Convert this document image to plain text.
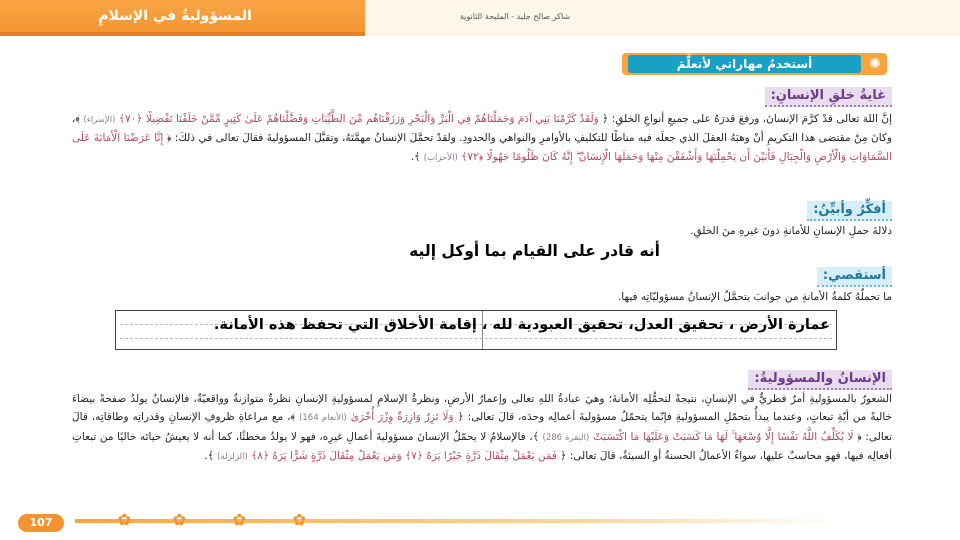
المسؤوليةُ في الإسلامِ	شاكر صالح جليد - المليحة الثانوية
أستخدمُ مهاراتي لأتعلَّمَ	✺
غايةُ خلقِ الإنسانِ:
إنَّ اللهَ تعالى قدْ كرَّمَ الإنسانَ، ورفعَ قدرَهُ على جميعِ أنواعِ الخلقِ: ﴿ وَلَقَدْ كَرَّمْنَا بَنِي آدَمَ وَحَمَلْنَاهُمْ فِي الْبَرِّ وَالْبَحْرِ وَرَزَقْنَاهُم مِّنَ الطَّيِّبَاتِ وَفَضَّلْنَاهُمْ عَلَىٰ كَثِيرٍ مِّمَّنْ خَلَقْنَا تَفْضِيلًا ﴿٧٠﴾ (الإسراء) ﴾، وكانَ مِنْ مقتضى هذا التكريمِ أنْ وهبَهُ العقلَ الذي جعلَه فيه مناطًا للتكليفِ بالأوامرِ والنواهي والحدودِ. ولقدْ تحمَّلَ الإنسانُ مهمَّتَهُ، وتقبَّلَ المسؤوليةَ فقالَ تعالى في ذلكَ: ﴿ إِنَّا عَرَضْنَا الْأَمَانَةَ عَلَى السَّمَاوَاتِ وَالْأَرْضِ وَالْجِبَالِ فَأَبَيْنَ أَن يَحْمِلْنَهَا وَأَشْفَقْنَ مِنْهَا وَحَمَلَهَا الْإِنسَانُ ۖ إِنَّهُ كَانَ ظَلُومًا جَهُولًا ﴿٧٢﴾ (الأحزاب) ﴾.
أفكِّرُ وأبيِّنُ:
دلالةَ حملِ الإنسانِ للأمانةِ دونَ غيرهِ منَ الخلقِ.
أنه قادر على القيام بما أوكل إليه
أستقصي:
ما تحملُهُ كلمةُ الأمانةِ من جوانبَ يتحمَّلُ الإنسانُ مسؤوليّاتِه فيها.
عمارة الأرض ، تحقيق العدل، تحقيق العبودية لله ، إقامة الأخلاق التي تحفظ هذه الأمانة.
الإنسانُ والمسؤوليةُ:
الشعورُ بالمسؤوليةِ أمرٌ فطريٌّ في الإنسانِ، نتيجةً لتحمُّلِه الأمانةَ؛ وهيَ عبادةُ اللهِ تعالى وإعمارُ الأرضِ، ونظرةُ الإسلامِ لمسؤوليةِ الإنسانِ نظرةٌ متوازنةٌ وواقعيّةٌ، فالإنسانُ يولدُ صفحةً بيضاءَ خاليةً من أيّةِ تبعاتٍ، وعندما يبدأُ بتحمّلِ المسؤوليةِ فإنّما يتحمّلُ مسؤوليةَ أعمالِه وحدَه، قالَ تعالى: ﴿ وَلَا تَزِرُ وَازِرَةٌ وِزْرَ أُخْرَىٰ (الأنعام 164) ﴾، مع مراعاةِ ظروفِ الإنسانِ وقدراتِه وطاقاتِه، قالَ تعالى: ﴿ لَا يُكَلِّفُ اللَّهُ نَفْسًا إِلَّا وُسْعَهَا ۚ لَهَا مَا كَسَبَتْ وَعَلَيْهَا مَا اكْتَسَبَتْ (البقرة 286) ﴾، فالإسلامُ لا يحمّلُ الإنسانَ مسؤوليةَ أعمالِ غيرِه، فهو لا يولدُ مخطئًا، كما أنه لا يعيشُ حياتَه خاليًا من تبعاتِ أفعالِه فيها، فهو محاسبٌ عليها، سواءٌ الأعمالُ الحسنةُ أو السيئةُ، قالَ تعالى: ﴿ فَمَن يَعْمَلْ مِثْقَالَ ذَرَّةٍ خَيْرًا يَرَهُ ﴿٧﴾ وَمَن يَعْمَلْ مِثْقَالَ ذَرَّةٍ شَرًّا يَرَهُ ﴿٨﴾ (الزلزلة) ﴾.
✿	✿	✿	✿
107
